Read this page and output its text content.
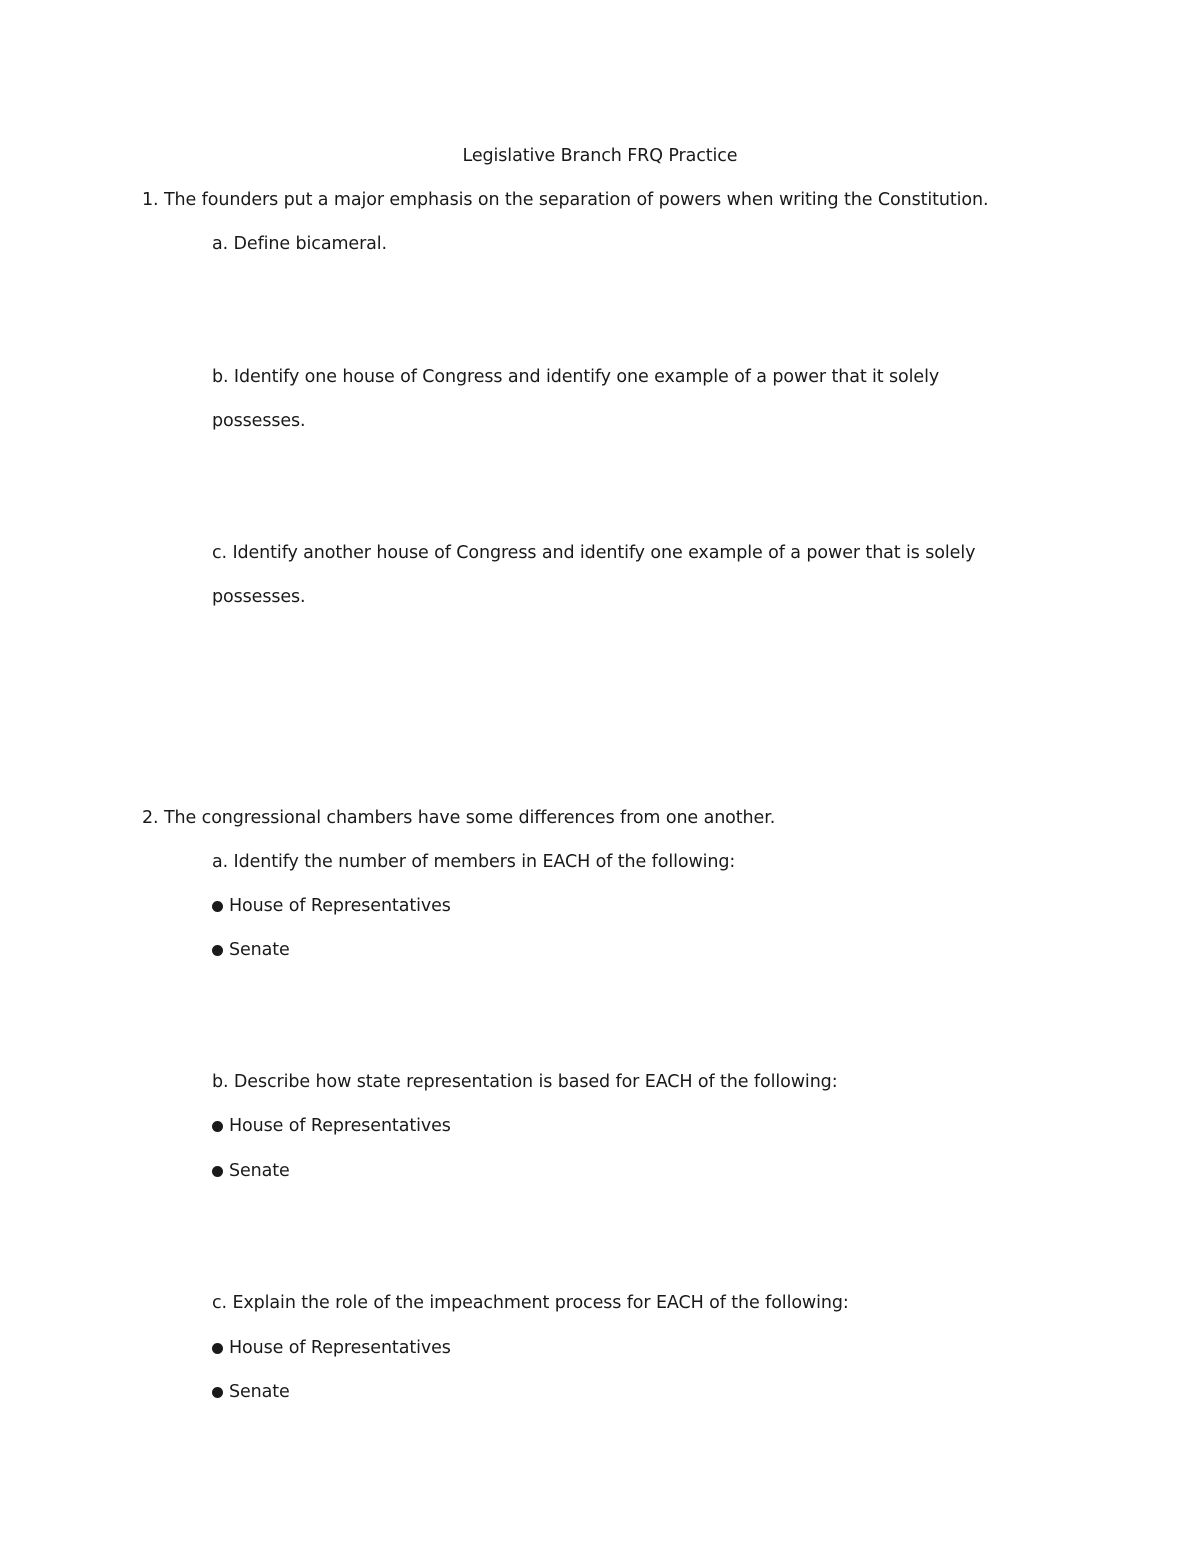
Legislative Branch FRQ Practice
1. The founders put a major emphasis on the separation of powers when writing the Constitution.
a. Define bicameral.
b. Identify one house of Congress and identify one example of a power that it solely
possesses.
c. Identify another house of Congress and identify one example of a power that is solely
possesses.
2. The congressional chambers have some differences from one another.
a. Identify the number of members in EACH of the following:
House of Representatives
Senate
b. Describe how state representation is based for EACH of the following:
House of Representatives
Senate
c. Explain the role of the impeachment process for EACH of the following:
House of Representatives
Senate
